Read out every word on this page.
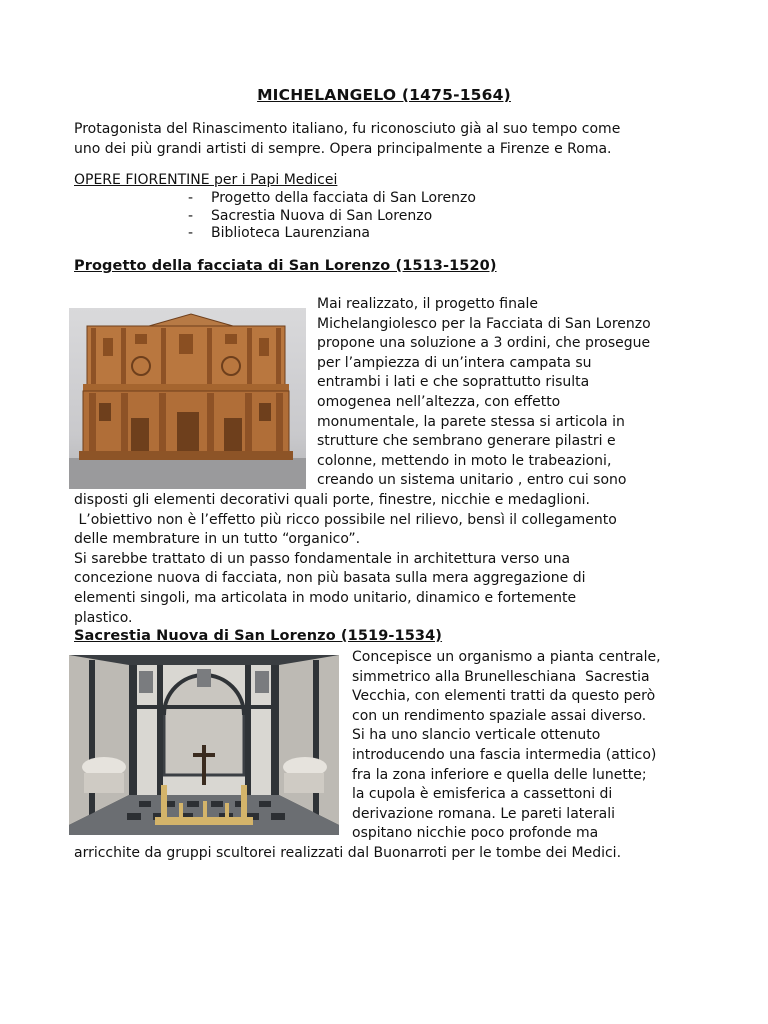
MICHELANGELO (1475-1564)
Protagonista del Rinascimento italiano, fu riconosciuto già al suo tempo come
uno dei più grandi artisti di sempre. Opera principalmente a Firenze e Roma.
OPERE FIORENTINE per i Papi Medicei
-	Progetto della facciata di San Lorenzo
-	Sacrestia Nuova di San Lorenzo
-	Biblioteca Laurenziana
Progetto della facciata di San Lorenzo (1513-1520)
Mai realizzato, il progetto finale
Michelangiolesco per la Facciata di San Lorenzo
propone una soluzione a 3 ordini, che prosegue
per l’ampiezza di un’intera campata su
entrambi i lati e che soprattutto risulta
omogenea nell’altezza, con effetto
monumentale, la parete stessa si articola in
strutture che sembrano generare pilastri e
colonne, mettendo in moto le trabeazioni,
creando un sistema unitario , entro cui sono
disposti gli elementi decorativi quali porte, finestre, nicchie e medaglioni.
L’obiettivo non è l’effetto più ricco possibile nel rilievo, bensì il collegamento
delle membrature in un tutto “organico”.
Si sarebbe trattato di un passo fondamentale in architettura verso una
concezione nuova di facciata, non più basata sulla mera aggregazione di
elementi singoli, ma articolata in modo unitario, dinamico e fortemente
plastico.
Sacrestia Nuova di San Lorenzo (1519-1534)
Concepisce un organismo a pianta centrale,
simmetrico alla Brunelleschiana  Sacrestia
Vecchia, con elementi tratti da questo però
con un rendimento spaziale assai diverso.
Si ha uno slancio verticale ottenuto
introducendo una fascia intermedia (attico)
fra la zona inferiore e quella delle lunette;
la cupola è emisferica a cassettoni di
derivazione romana. Le pareti laterali
ospitano nicchie poco profonde ma
arricchite da gruppi scultorei realizzati dal Buonarroti per le tombe dei Medici.
